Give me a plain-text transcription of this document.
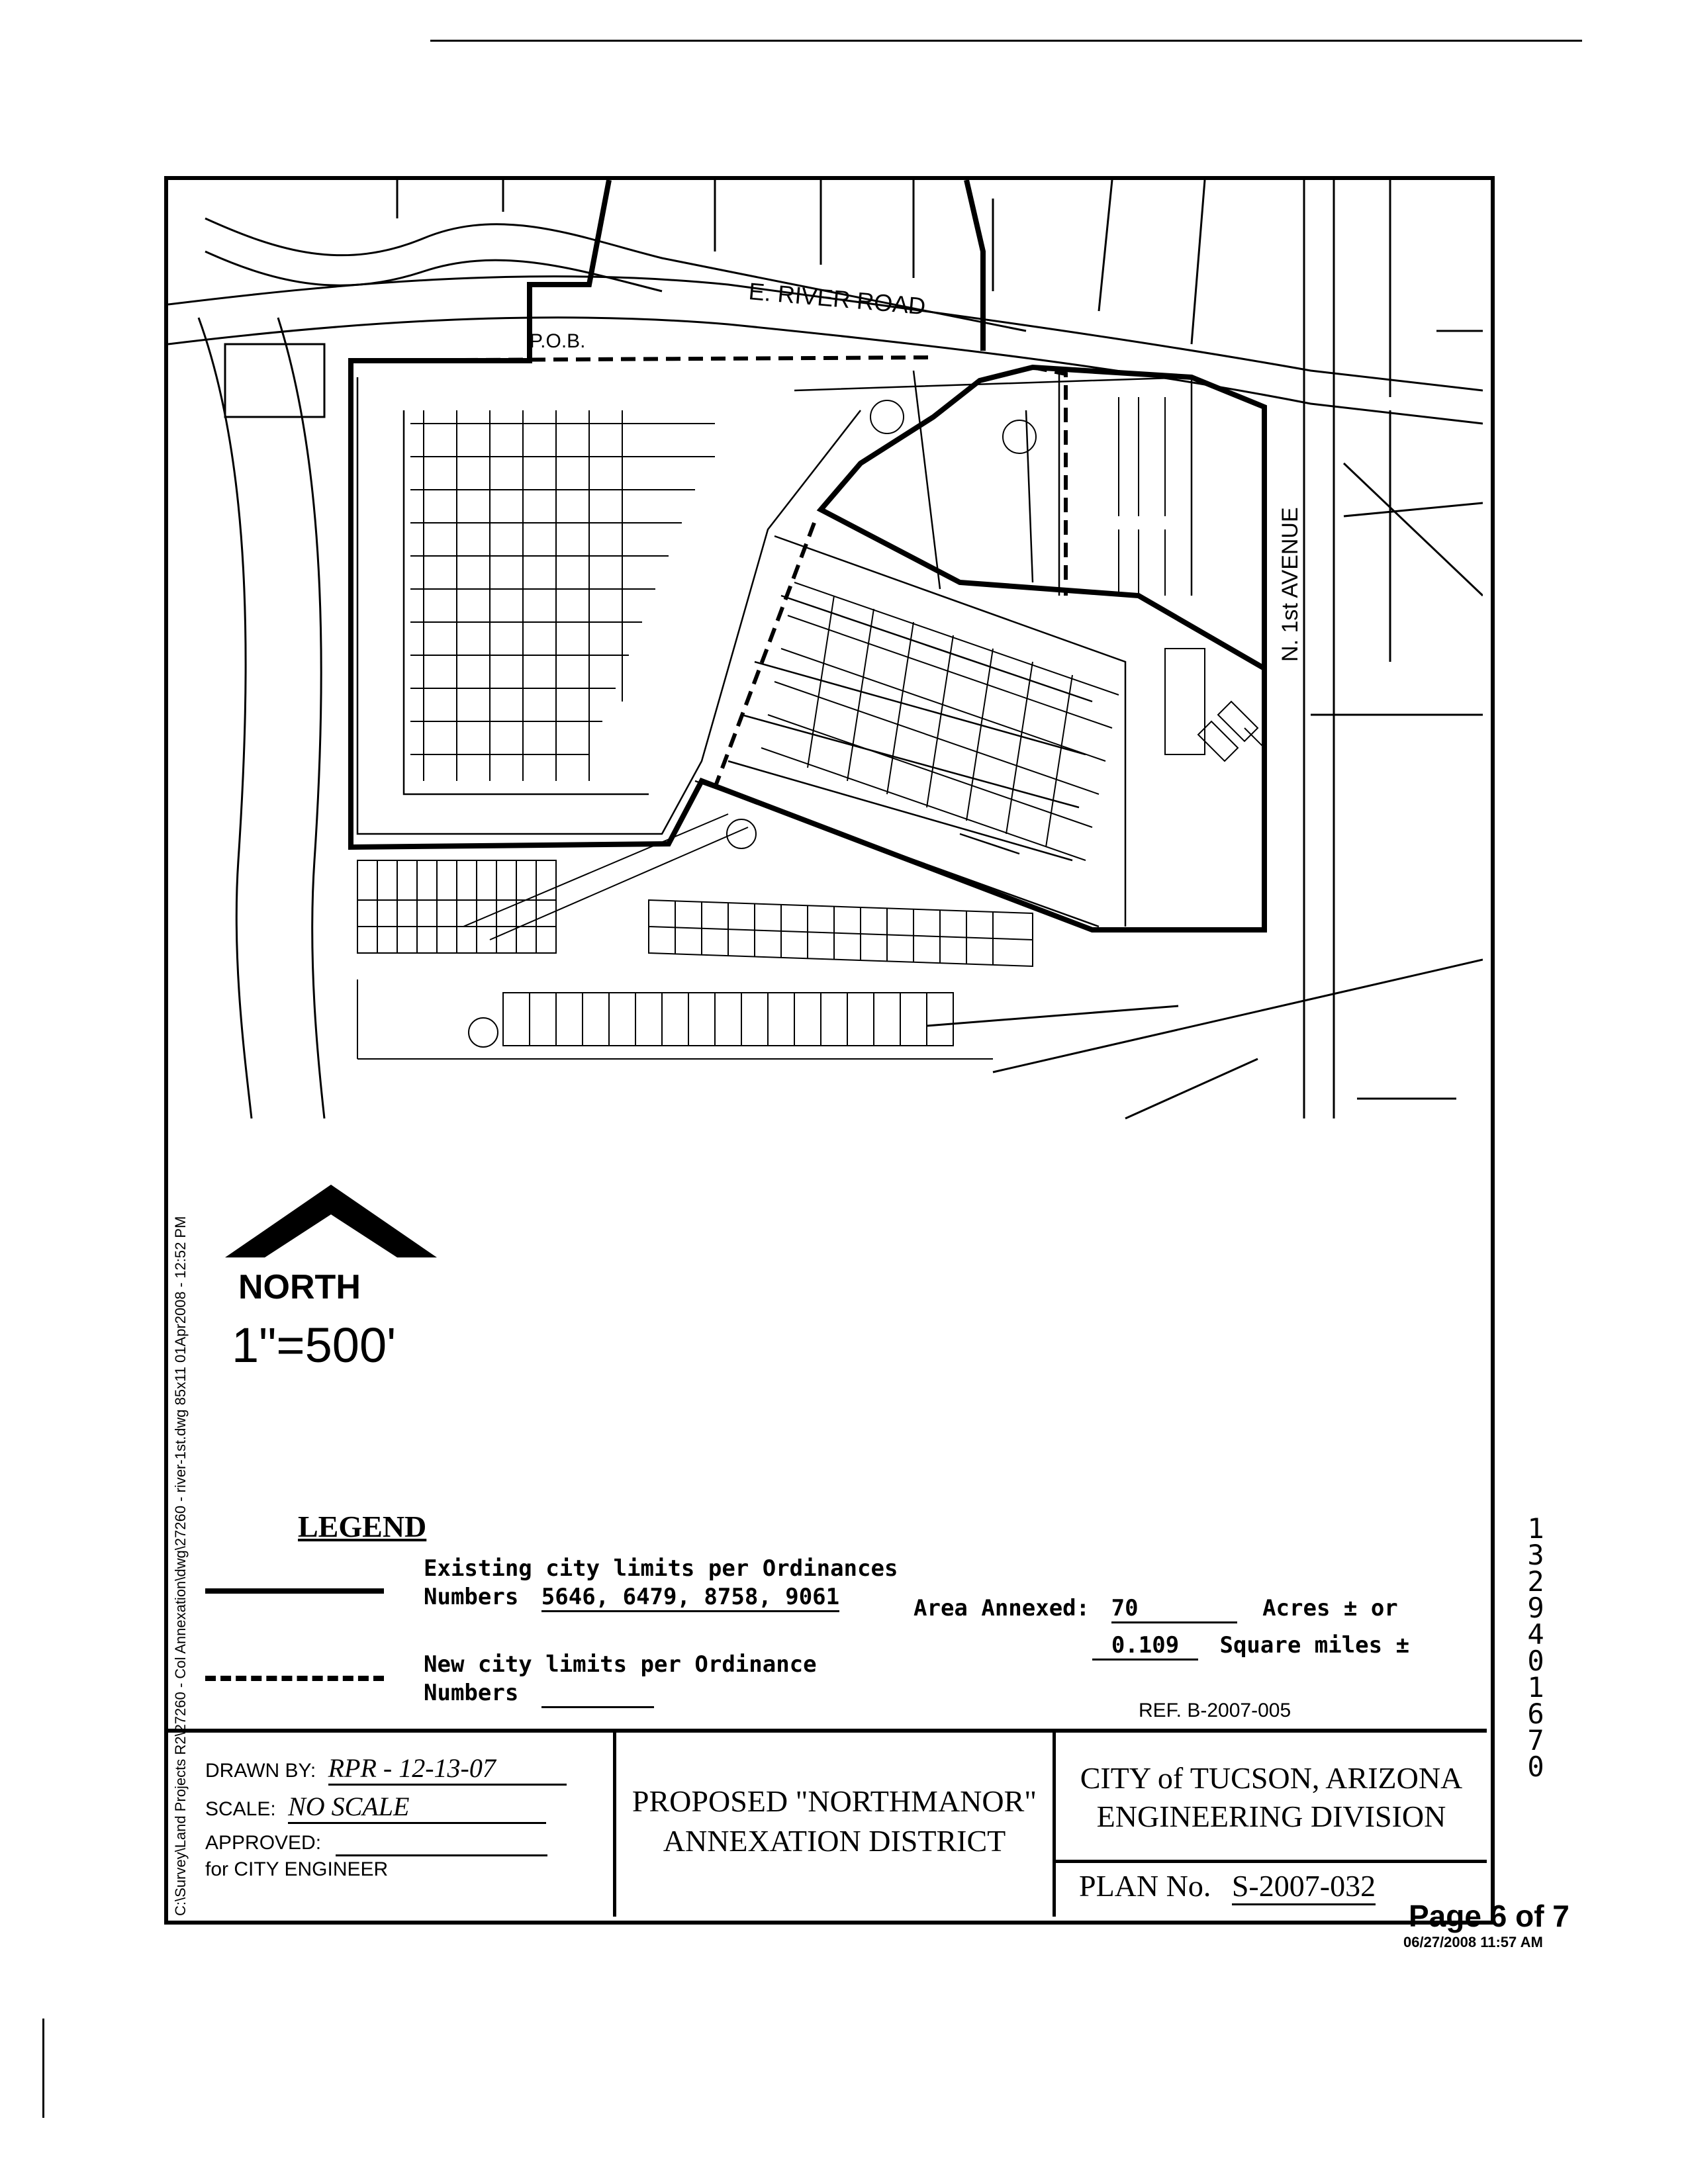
E. RIVER ROAD
N. 1st AVENUE
P.O.B.
NORTH
1"=500'
LEGEND
Existing city limits per Ordinances
Numbers 5646, 6479, 8758, 9061
New city limits per Ordinance
Numbers
Area Annexed: 70	Acres ± or
0.109 Square miles ±
REF. B-2007-005
DRAWN BY: RPR - 12-13-07
SCALE: NO SCALE
APPROVED:
for CITY ENGINEER
PROPOSED "NORTHMANOR"
ANNEXATION DISTRICT
CITY of TUCSON, ARIZONA
ENGINEERING DIVISION
PLAN No. S-2007-032
C:\Survey\Land Projects R2\27260 - Col Annexation\dwg\27260 - river-1st.dwg 85x11 01Apr2008 - 12:52 PM	13294 01670
Page 6 of 7
06/27/2008 11:57 AM
